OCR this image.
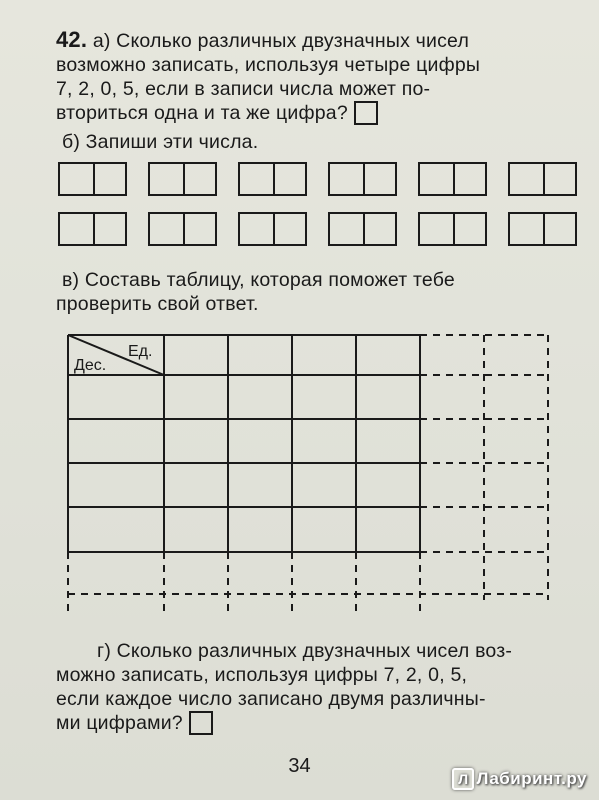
42. а) Сколько различных двузначных чисел
возможно записать, используя четыре цифры
7, 2, 0, 5, если в записи числа может по-
вториться одна и та же цифра?
б) Запиши эти числа.
в) Составь таблицу, которая поможет тебе
проверить свой ответ.
Ед.
Дес.
г) Сколько различных двузначных чисел воз-
можно записать, используя цифры 7, 2, 0, 5,
если каждое число записано двумя различны-
ми цифрами?
34
Л Лабиринт.ру
